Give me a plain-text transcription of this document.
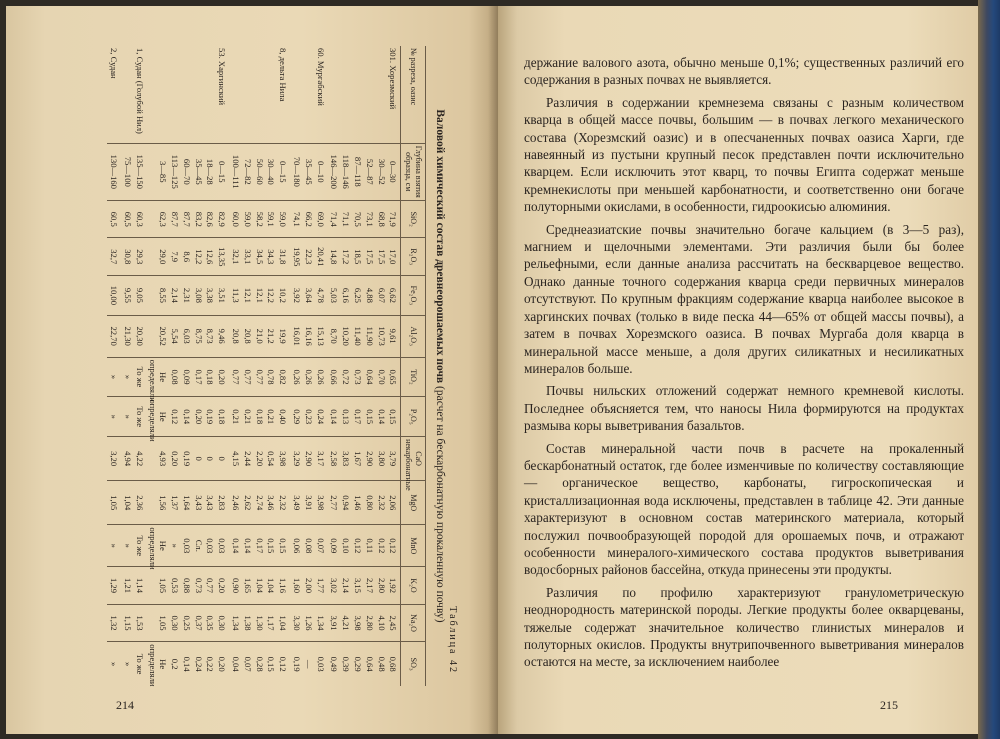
Таблица 42
Валовой химический состав древнеорошаемых почв (расчет на бескарбонатную прокаленную почву)
№ разреза, оазис	Глубина взятия образца, см	SiO₂	R₂O₃	Fe₂O₃	Al₂O₃	TiO₂	P₂O₅	CaO
некарбонатные	MgO	MnO	K₂O	Na₂O	SO₃
301. Хорезмский	0—30	71,9	17,0	6,62	9,61	0,65	0,15	3,79	2,06	0,12	1,92	2,45	0,68
	30—52	68,8	17,5	6,07	10,73	0,70	0,14	3,80	2,32	0,12	2,80	4,10	0,48
	52—87	73,1	17,5	4,88	11,90	0,64	0,15	2,90	0,80	0,11	2,17	2,80	0,64
	87—118	70,5	18,5	6,25	11,40	0,73	0,17	1,67	1,46	0,12	3,15	3,98	0,29
	118—146	71,1	17,2	6,16	10,20	0,72	0,13	3,83	0,94	0,10	2,14	4,21	0,39
	146—200	71,4	14,8	5,03	8,70	0,66	0,14	2,58	2,77	0,09	3,02	3,91	0,49
60. Мургабский	0—10	69,0	20,41	4,78	15,13	0,26	0,24	3,17	3,98	0,07	1,77	1,34	0,03
	35—45	66,2	22,3	3,64	16,16	0,26	0,23	2,90	3,91	0,08	2,00	1,26	—
	70—180	74,1	19,95	3,92	16,01	0,26	0,29	3,29	3,49	0,06	1,60	3,30	0,19
8, дельта Нила	0—15	59,0	31,8	10,2	19,9	0,82	0,40	3,98	2,32	0,15	1,16	1,04	0,12
	30—40	59,1	34,3	12,2	21,2	0,78	0,21	0,54	3,46	0,15	1,04	1,17	0,15
	50—60	58,2	34,5	12,1	21,0	0,77	0,18	2,20	2,74	0,17	1,04	1,30	0,28
	72—82	59,0	33,1	12,1	20,8	0,77	0,21	2,44	2,62	0,14	1,65	1,38	0,07
	100—111	60,0	32,1	11,3	20,8	0,77	0,21	4,15	2,46	0,14	0,90	1,34	0,04
53. Харгинский	0—15	82,9	13,35	3,51	9,46	0,20	0,18	0	2,83	0,03	0,20	0,30	0,20
	18—28	82,6	12,6	3,38	8,73	0,18	0,19	0	3,43	0,03	0,77	0,35	0,22
	35—45	83,2	12,2	3,08	8,75	0,17	0,20	0	3,43	Сл.	0,73	0,37	0,24
	60—70	87,7	8,6	2,31	6,03	0,09	0,14	0,19	1,64	0,03	0,88	0,25	0,14
	113—125	87,7	7,9	2,14	5,54	0,08	0,12	0,20	1,37	»	0,53	0,30	0,2
	3—85	62,3	29,0	8,55	20,52	Не определяли	Не определяли	4,93	1,56	Не определяли	1,05	1,05	Не определяли
1, Судан (Голубой Нил)	135—150	60,3	29,3	9,05	20,30	То же	То же	4,22	2,36	То же	1,14	1,53	То же
	75—100	60,5	30,8	9,55	21,30	»	»	4,94	1,04	»	1,21	1,15	»
2, Судан	130—160	60,5	32,7	10,00	22,70	»	»	3,20	1,05	»	1,29	1,32	»
214

держание валового азота, обычно меньше 0,1%; существенных различий его содержания в разных почвах не выявляется.

Различия в содержании кремнезема связаны с разным количеством кварца в общей массе почвы, большим — в почвах легкого механического состава (Хорезмский оазис) и в опесчаненных почвах оазиса Харги, где навеянный из пустыни крупный песок представлен почти исключительно кварцем. Если исключить этот кварц, то почвы Египта содержат меньше кремнекислоты при меньшей карбонатности, и соответственно они богаче полуторными окислами, в особенности, гидроокисью алюминия.

Среднеазиатские почвы значительно богаче кальцием (в 3—5 раз), магнием и щелочными элементами. Эти различия были бы более рельефными, если данные анализа рассчитать на бескварцевое вещество. Однако данные точного содержания кварца среди первичных минералов отсутствуют. По крупным фракциям содержание кварца наиболее высокое в харгинских почвах (только в виде песка 44—65% от общей массы почвы), а затем в почвах Хорезмского оазиса. В почвах Мургаба доля кварца в минеральной массе меньше, а доля других силикатных и несиликатных минералов больше.

Почвы нильских отложений содержат немного кремневой кислоты. Последнее объясняется тем, что наносы Нила формируются на продуктах размыва коры выветривания базальтов.

Состав минеральной части почв в расчете на прокаленный бескарбонатный остаток, где более изменчивые по количеству составляющие — органическое вещество, карбонаты, гигроскопическая и кристаллизационная вода исключены, представлен в таблице 42. Эти данные характеризуют в основном состав материнского материала, который послужил почвообразующей породой для орошаемых почв, и отражают особенности минералого-химического состава продуктов выветривания водосборных районов бассейна, откуда принесены эти продукты.

Различия по профилю характеризуют гранулометрическую неоднородность материнской породы. Легкие продукты более окварцеваны, тяжелые содержат значительное количество глинистых минералов и полуторных окислов. Продукты внутрипочвенного выветривания минералов остаются на месте, за исключением наиболее

215
